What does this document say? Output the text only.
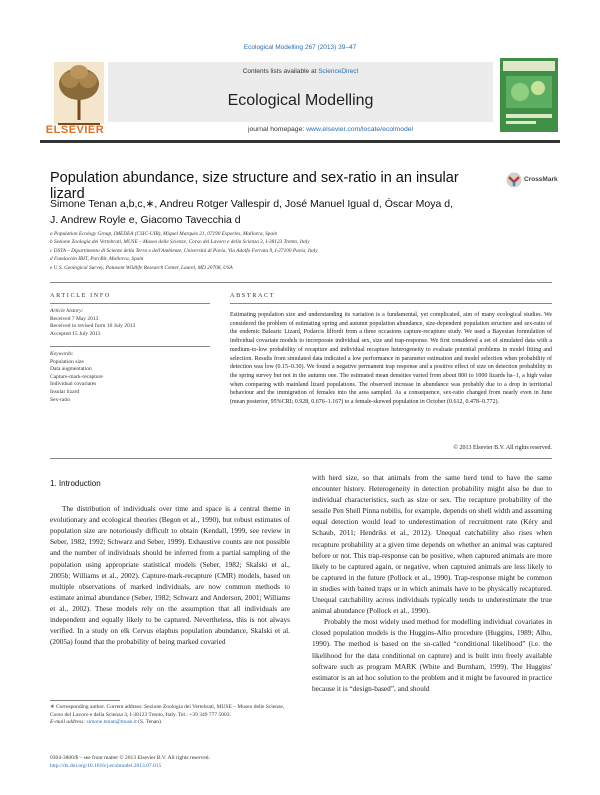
Ecological Modelling 267 (2013) 39–47
ELSEVIER
Contents lists available at ScienceDirect
Ecological Modelling
journal homepage: www.elsevier.com/locate/ecolmodel
Population abundance, size structure and sex-ratio in an insular lizard
CrossMark
Simone Tenan a,b,c,∗, Andreu Rotger Vallespir d, José Manuel Igual d, Óscar Moya d,
J. Andrew Royle e, Giacomo Tavecchia d
a Population Ecology Group, IMEDEA (CSIC-UIB), Miquel Marquès 21, 07190 Esporles, Mallorca, Spain
b Sezione Zoologia dei Vertebrati, MUSE – Museo delle Scienze, Corso del Lavoro e della Scienza 3, I-38123 Trento, Italy
c DSTA – Dipartimento di Scienze della Terra e dell'Ambiente, Università di Pavia, Via Adolfo Ferrata 9, I-27100 Pavia, Italy
d Fundación IBIT, ParcBit, Mallorca, Spain
e U.S. Geological Survey, Patuxent Wildlife Research Center, Laurel, MD 20708, USA
ARTICLE INFO
Article history:
Received 7 May 2013
Received in revised form 10 July 2013
Accepted 15 July 2013
Keywords:
Population size
Data augmentation
Capture-mark-recapture
Individual covariates
Insular lizard
Sex-ratio
ABSTRACT
Estimating population size and understanding its variation is a fundamental, yet complicated, aim of many ecological studies. We considered the problem of estimating spring and autumn population abundance, size-dependent population structure and sex-ratio of the endemic Balearic Lizard, Podarcis lilfordi from a three occasions capture-recapture study. We used a Bayesian formulation of individual covariate models to incorporate individual sex, size and trap-response. We first considered a set of simulated data with a medium-to-low probability of recapture and individual recapture heterogeneity to evaluate potential problems in model fitting and selection. Results from simulated data indicated a low performance in parameter estimation and model selection when probability of detection was low (0.15–0.30). We found a negative permanent trap response and a positive effect of size on detection probability in the spring survey but not in the autumn one. The estimated mean densities varied from about 800 to 1000 lizards ha−1, a high value when comparing with mainland lizard populations. The observed increase in abundance was probably due to a drop in territorial behaviour and the immigration of females into the area sampled. As a consequence, sex-ratio changed from nearly even in June (mean posterior, 95%CRI; 0.928, 0.676–1.167) to a female-skewed population in October (0.612, 0.478–0.772).
© 2013 Elsevier B.V. All rights reserved.
1. Introduction

The distribution of individuals over time and space is a central theme in evolutionary and ecological theories (Begon et al., 1990), but robust estimates of population size are notoriously difficult to obtain (Kendall, 1999, see review in Seber, 1982, 1992; Schwarz and Seber, 1999). Exhaustive counts are not possible and the number of individuals should be inferred from a partial sampling of the population using appropriate statistical models (Seber, 1982; Skalski et al., 2005b; Williams et al., 2002). Capture-mark-recapture (CMR) models, based on multiple observations of marked individuals, are now common methods to estimate animal abundance (Seber, 1982; Schwarz and Anderson, 2001; Williams et al., 2002). These models rely on the assumption that all individuals are independent and equally likely to be captured. Nevertheless, this is not always verified. In a study on elk Cervus elaphus population abundance, Skalski et al. (2005a) found that the probability of being marked covaried

with herd size, so that animals from the same herd tend to have the same encounter history. Heterogeneity in detection probability might also be due to individual characteristics, such as size or sex. The recapture probability of the sessile Pen Shell Pinna nobilis, for example, depends on shell width and assuming equal detection would lead to underestimation of recruitment rate (Kéry and Schaub, 2011; Hendriks et al., 2012). Unequal catchability also rises when recapture probability at a given time depends on whether an animal was captured before or not. This trap-response can be positive, when captured animals are more likely to be captured again, or negative, when captured animals are less likely to be captured in the future (Pollock et al., 1990). Trap-response might be common in studies with baited traps or in which animals have to be physically recaptured. Unequal catchability across individuals typically tends to underestimate the true animal abundance (Pollock et al., 1990).

Probably the most widely used method for modelling individual covariates in closed population models is the Huggins-Alho procedure (Huggins, 1989; Alho, 1990). The method is based on the so-called “conditional likelihood” (i.e. the likelihood for the data conditional on capture) and is built into freely available software such as program MARK (White and Burnham, 1999). The Huggins' estimator is an ad hoc solution to the problem and it might be favoured in practice because it is “design-based”, and should

∗ Corresponding author. Current address: Sezione Zoologia dei Vertebrati, MUSE – Museo delle Scienze, Corso del Lavoro e della Scienza 3, I-38123 Trento, Italy. Tel.: +39 349 777 5003.
E-mail address: simone.tenan@muse.it (S. Tenan).
0304-3800/$ – see front matter © 2013 Elsevier B.V. All rights reserved.
http://dx.doi.org/10.1016/j.ecolmodel.2013.07.015
